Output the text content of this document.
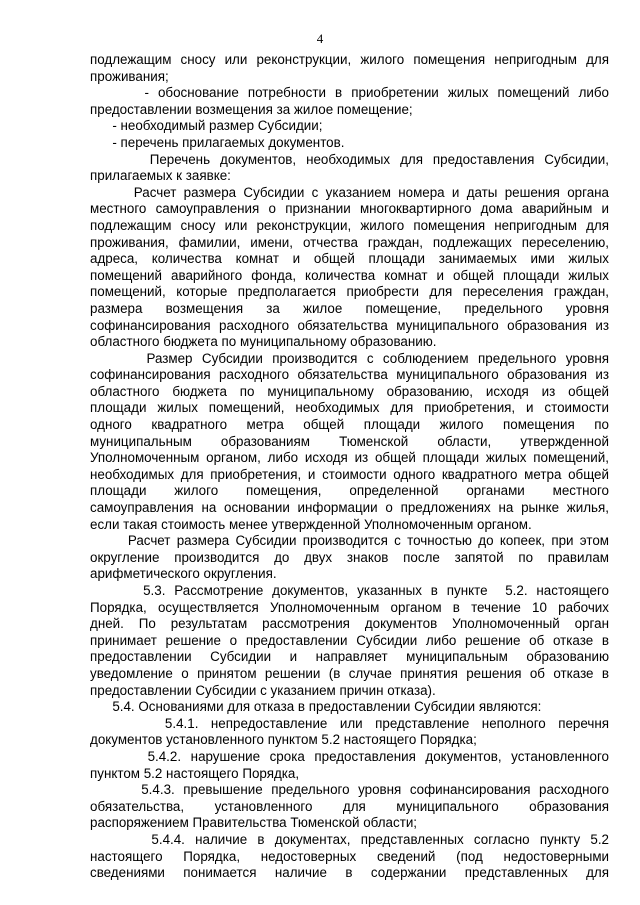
4
подлежащим сносу или реконструкции, жилого помещения непригодным для
проживания;
- обоснование потребности в приобретении жилых помещений либо
предоставлении возмещения за жилое помещение;
- необходимый размер Субсидии;
- перечень прилагаемых документов.
Перечень документов, необходимых для предоставления Субсидии,
прилагаемых к заявке:
Расчет размера Субсидии с указанием номера и даты решения органа
местного самоуправления о признании многоквартирного дома аварийным и
подлежащим сносу или реконструкции, жилого помещения непригодным для
проживания, фамилии, имени, отчества граждан, подлежащих переселению,
адреса, количества комнат и общей площади занимаемых ими жилых
помещений аварийного фонда, количества комнат и общей площади жилых
помещений, которые предполагается приобрести для переселения граждан,
размера возмещения за жилое помещение, предельного уровня
софинансирования расходного обязательства муниципального образования из
областного бюджета по муниципальному образованию.
Размер Субсидии производится с соблюдением предельного уровня
софинансирования расходного обязательства муниципального образования из
областного бюджета по муниципальному образованию, исходя из общей
площади жилых помещений, необходимых для приобретения, и стоимости
одного квадратного метра общей площади жилого помещения по
муниципальным образованиям Тюменской области, утвержденной
Уполномоченным органом, либо исходя из общей площади жилых помещений,
необходимых для приобретения, и стоимости одного квадратного метра общей
площади жилого помещения, определенной органами местного
самоуправления на основании информации о предложениях на рынке жилья,
если такая стоимость менее утвержденной Уполномоченным органом.
Расчет размера Субсидии производится с точностью до копеек, при этом
округление производится до двух знаков после запятой по правилам
арифметического округления.
5.3. Рассмотрение документов, указанных в пункте  5.2. настоящего
Порядка, осуществляется Уполномоченным органом в течение 10 рабочих
дней. По результатам рассмотрения документов Уполномоченный орган
принимает решение о предоставлении Субсидии либо решение об отказе в
предоставлении Субсидии и направляет муниципальным образованию
уведомление о принятом решении (в случае принятия решения об отказе в
предоставлении Субсидии с указанием причин отказа).
5.4. Основаниями для отказа в предоставлении Субсидии являются:
5.4.1. непредоставление или представление неполного перечня
документов установленного пунктом 5.2 настоящего Порядка;
5.4.2. нарушение срока предоставления документов, установленного
пунктом 5.2 настоящего Порядка,
5.4.3. превышение предельного уровня софинансирования расходного
обязательства, установленного для муниципального образования
распоряжением Правительства Тюменской области;
5.4.4. наличие в документах, представленных согласно пункту 5.2
настоящего Порядка, недостоверных сведений (под недостоверными
сведениями понимается наличие в содержании представленных для
